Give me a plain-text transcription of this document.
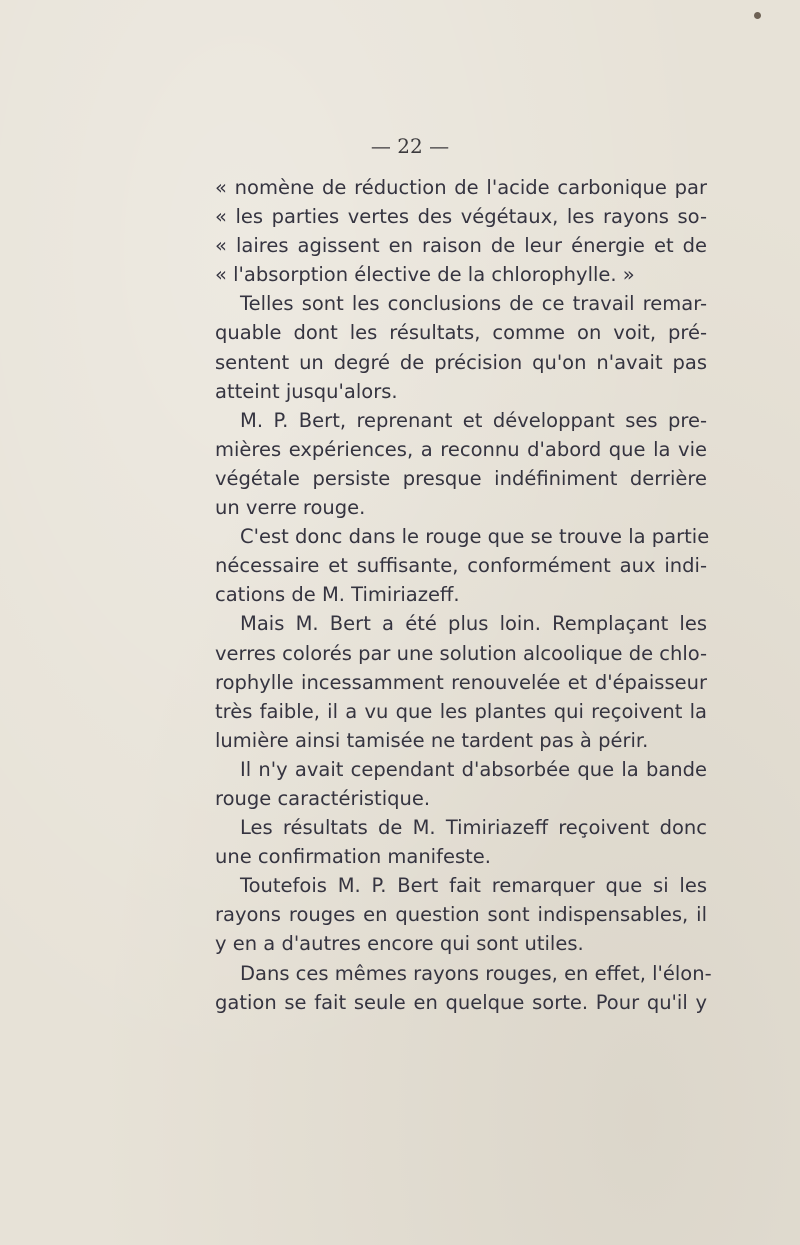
— 22 —
« nomène de réduction de l'acide carbonique par
« les parties vertes des végétaux, les rayons so-
« laires agissent en raison de leur énergie et de
« l'absorption élective de la chlorophylle. »
Telles sont les conclusions de ce travail remar-
quable dont les résultats, comme on voit, pré-
sentent un degré de précision qu'on n'avait pas
atteint jusqu'alors.
M. P. Bert, reprenant et développant ses pre-
mières expériences, a reconnu d'abord que la vie
végétale persiste presque indéfiniment derrière
un verre rouge.
C'est donc dans le rouge que se trouve la partie
nécessaire et suffisante, conformément aux indi-
cations de M. Timiriazeff.
Mais M. Bert a été plus loin. Remplaçant les
verres colorés par une solution alcoolique de chlo-
rophylle incessamment renouvelée et d'épaisseur
très faible, il a vu que les plantes qui reçoivent la
lumière ainsi tamisée ne tardent pas à périr.
Il n'y avait cependant d'absorbée que la bande
rouge caractéristique.
Les résultats de M. Timiriazeff reçoivent donc
une confirmation manifeste.
Toutefois M. P. Bert fait remarquer que si les
rayons rouges en question sont indispensables, il
y en a d'autres encore qui sont utiles.
Dans ces mêmes rayons rouges, en effet, l'élon-
gation se fait seule en quelque sorte. Pour qu'il y
